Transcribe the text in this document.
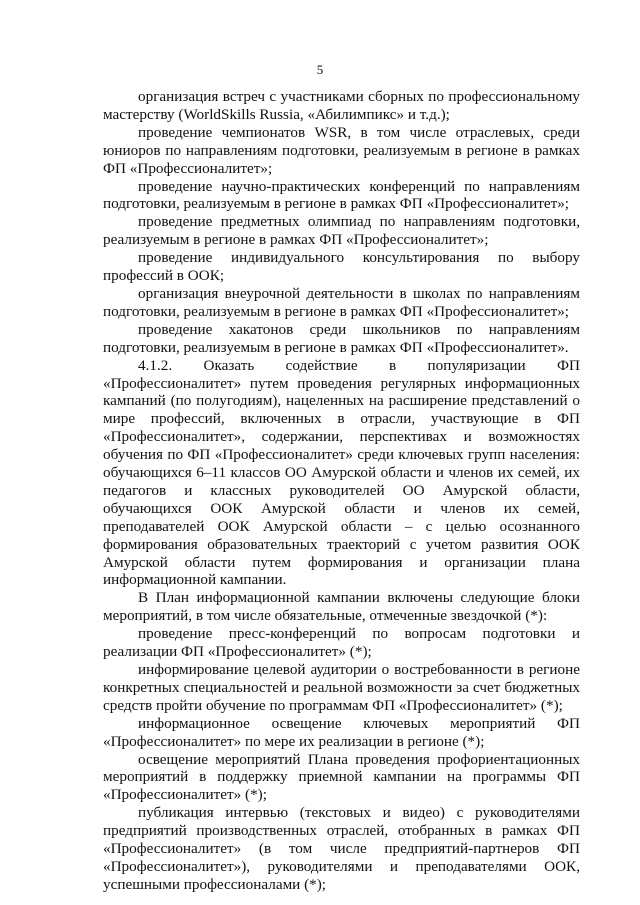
5

организация встреч с участниками сборных по профессиональному мастерству (WorldSkills Russia, «Абилимпикс» и т.д.);

проведение чемпионатов WSR, в том числе отраслевых, среди юниоров по направлениям подготовки, реализуемым в регионе в рамках ФП «Профессионалитет»;

проведение научно-практических конференций по направлениям подготовки, реализуемым в регионе в рамках ФП «Профессионалитет»;

проведение предметных олимпиад по направлениям подготовки, реализуемым в регионе в рамках ФП «Профессионалитет»;

проведение индивидуального консультирования по выбору профессий в ООК;

организация внеурочной деятельности в школах по направлениям подготовки, реализуемым в регионе в рамках ФП «Профессионалитет»;

проведение хакатонов среди школьников по направлениям подготовки, реализуемым в регионе в рамках ФП «Профессионалитет».

4.1.2. Оказать содействие в популяризации ФП «Профессионалитет» путем проведения регулярных информационных кампаний (по полугодиям), нацеленных на расширение представлений о мире профессий, включенных в отрасли, участвующие в ФП «Профессионалитет», содержании, перспективах и возможностях обучения по ФП «Профессионалитет» среди ключевых групп населения: обучающихся 6–11 классов ОО Амурской области и членов их семей, их педагогов и классных руководителей ОО Амурской области, обучающихся ООК Амурской области и членов их семей, преподавателей ООК Амурской области – с целью осознанного формирования образовательных траекторий с учетом развития ООК Амурской области путем формирования и организации плана информационной кампании.

В План информационной кампании включены следующие блоки мероприятий, в том числе обязательные, отмеченные звездочкой (*):

проведение пресс-конференций по вопросам подготовки и реализации ФП «Профессионалитет» (*);

информирование целевой аудитории о востребованности в регионе конкретных специальностей и реальной возможности за счет бюджетных средств пройти обучение по программам ФП «Профессионалитет» (*);

информационное освещение ключевых мероприятий ФП «Профессионалитет» по мере их реализации в регионе (*);

освещение мероприятий Плана проведения профориентационных мероприятий в поддержку приемной кампании на программы ФП «Профессионалитет» (*);

публикация интервью (текстовых и видео) с руководителями предприятий производственных отраслей, отобранных в рамках ФП «Профессионалитет» (в том числе предприятий-партнеров ФП «Профессионалитет»), руководителями и преподавателями ООК, успешными профессионалами (*);
